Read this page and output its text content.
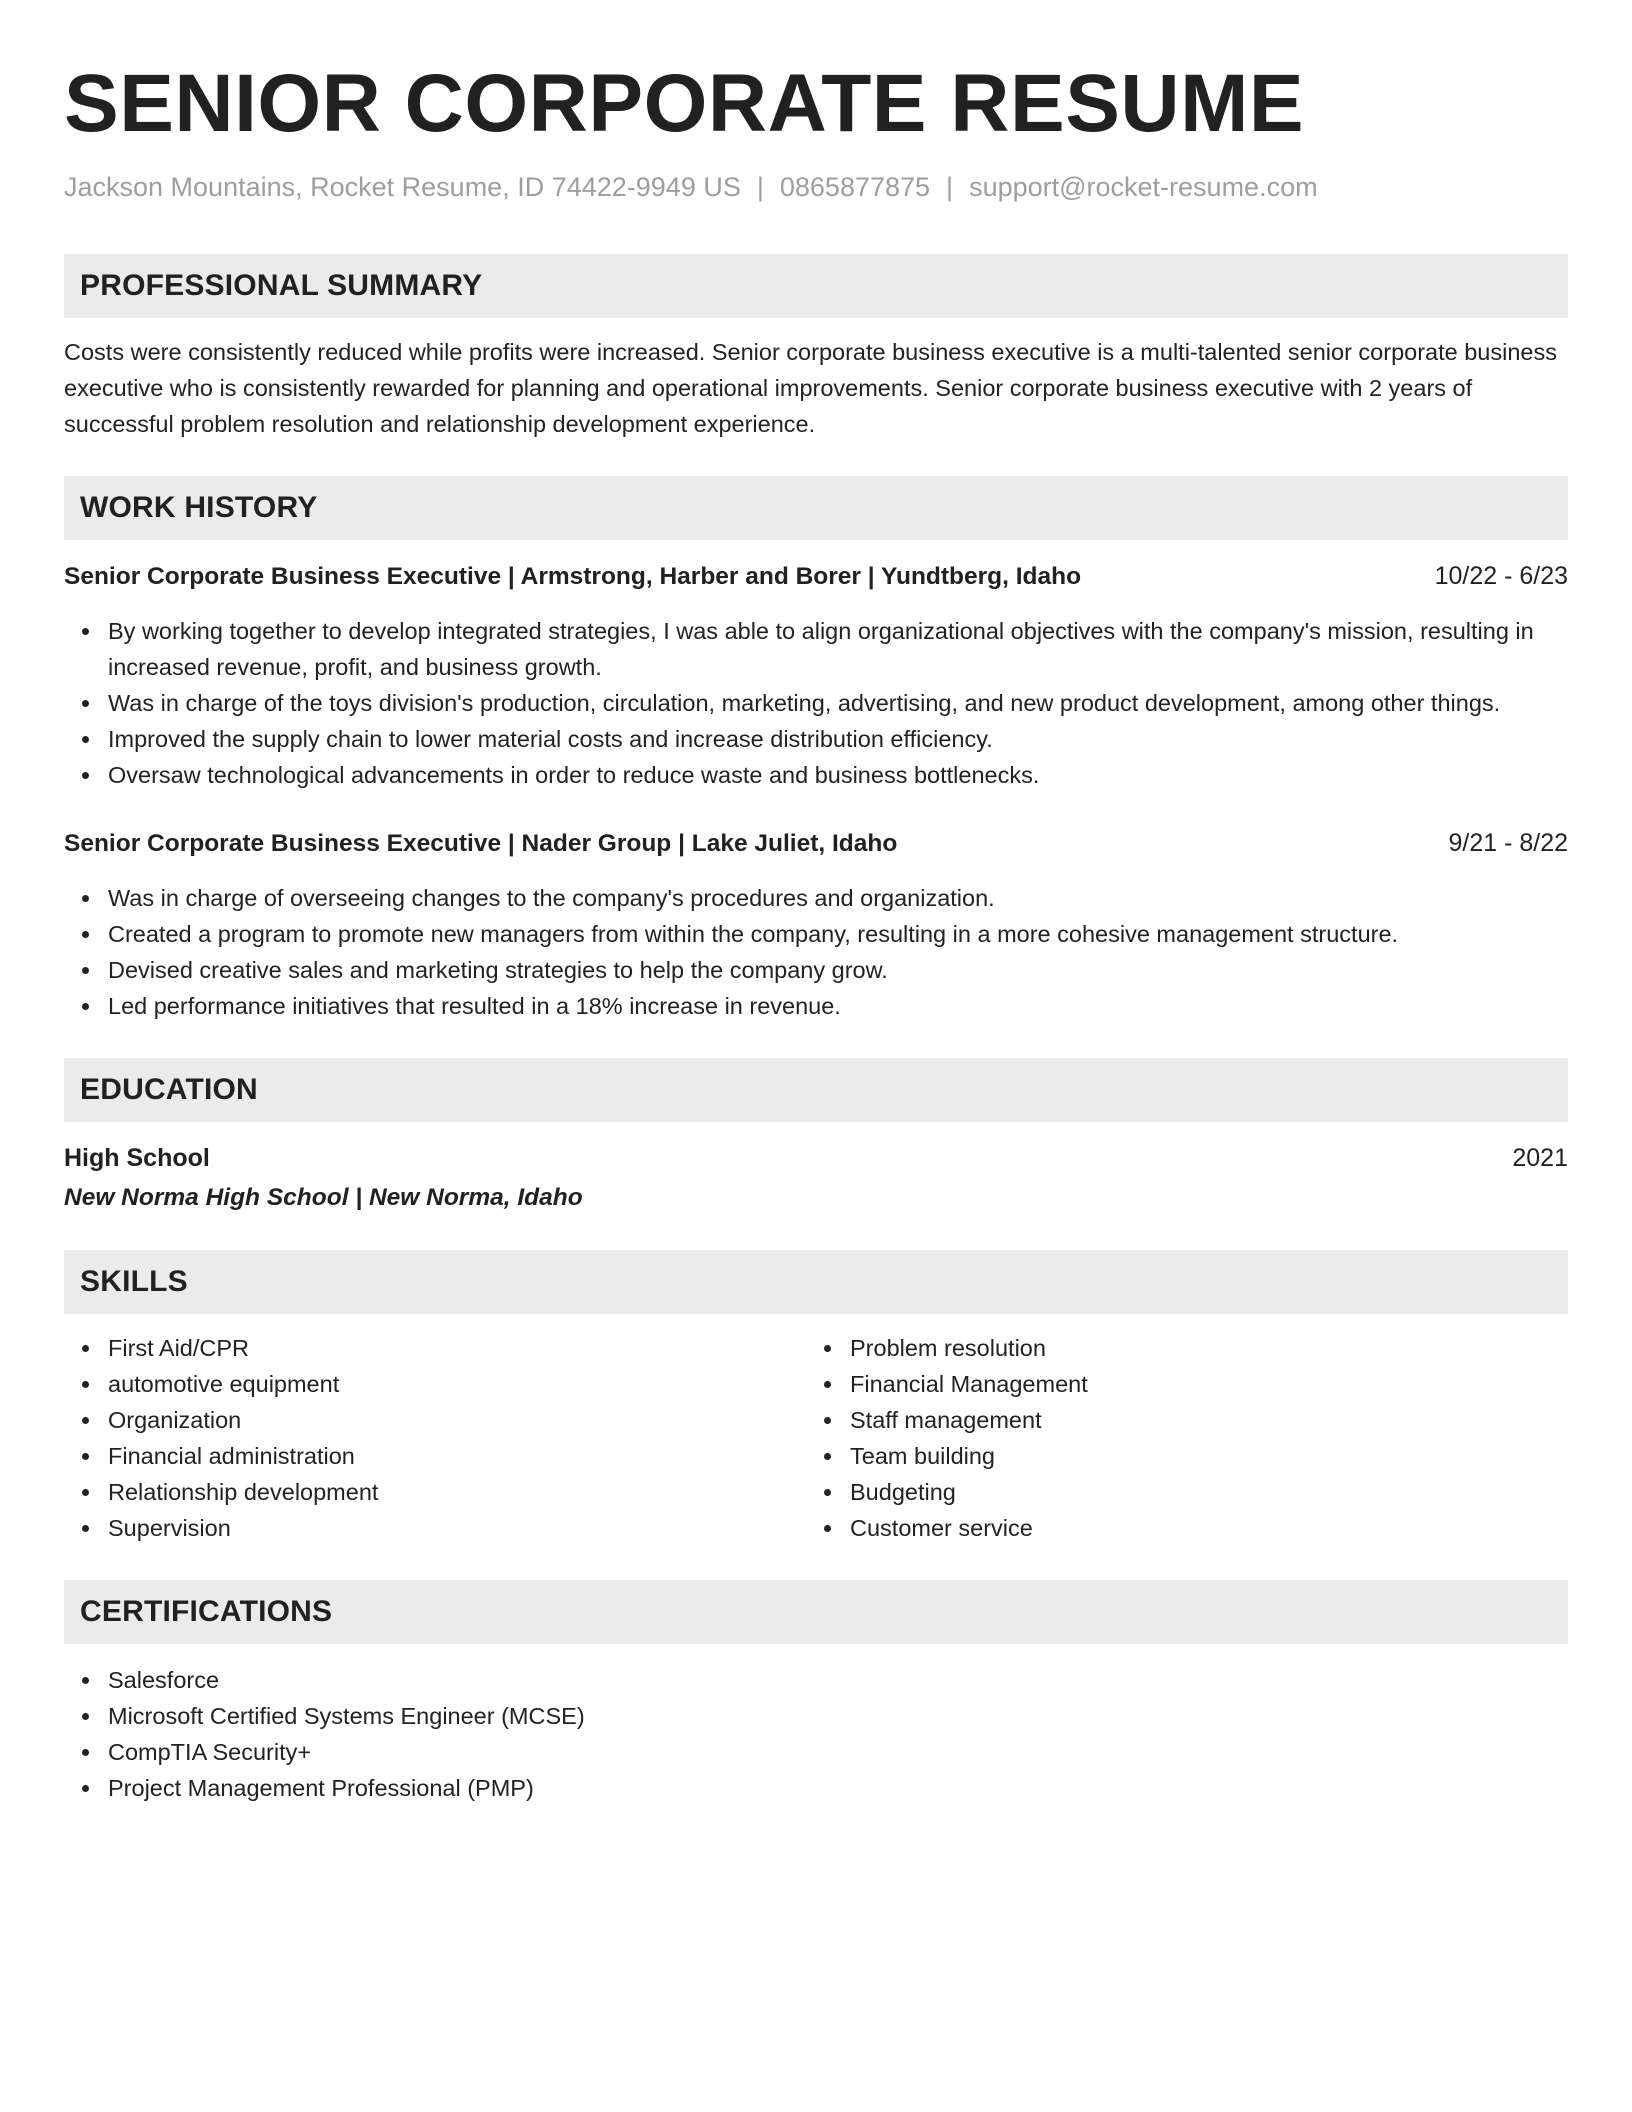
SENIOR CORPORATE RESUME
Jackson Mountains, Rocket Resume, ID 74422-9949 US | 0865877875 | support@rocket-resume.com
PROFESSIONAL SUMMARY

Costs were consistently reduced while profits were increased. Senior corporate business executive is a multi-talented senior corporate business executive who is consistently rewarded for planning and operational improvements. Senior corporate business executive with 2 years of successful problem resolution and relationship development experience.

WORK HISTORY
Senior Corporate Business Executive | Armstrong, Harber and Borer | Yundtberg, Idaho	10/22 - 6/23
By working together to develop integrated strategies, I was able to align organizational objectives with the company's mission, resulting in increased revenue, profit, and business growth.
Was in charge of the toys division's production, circulation, marketing, advertising, and new product development, among other things.
Improved the supply chain to lower material costs and increase distribution efficiency.
Oversaw technological advancements in order to reduce waste and business bottlenecks.
Senior Corporate Business Executive | Nader Group | Lake Juliet, Idaho	9/21 - 8/22
Was in charge of overseeing changes to the company's procedures and organization.
Created a program to promote new managers from within the company, resulting in a more cohesive management structure.
Devised creative sales and marketing strategies to help the company grow.
Led performance initiatives that resulted in a 18% increase in revenue.
EDUCATION
High School	2021
New Norma High School | New Norma, Idaho
SKILLS
First Aid/CPR
automotive equipment
Organization
Financial administration
Relationship development
Supervision
Problem resolution
Financial Management
Staff management
Team building
Budgeting
Customer service
CERTIFICATIONS
Salesforce
Microsoft Certified Systems Engineer (MCSE)
CompTIA Security+
Project Management Professional (PMP)
